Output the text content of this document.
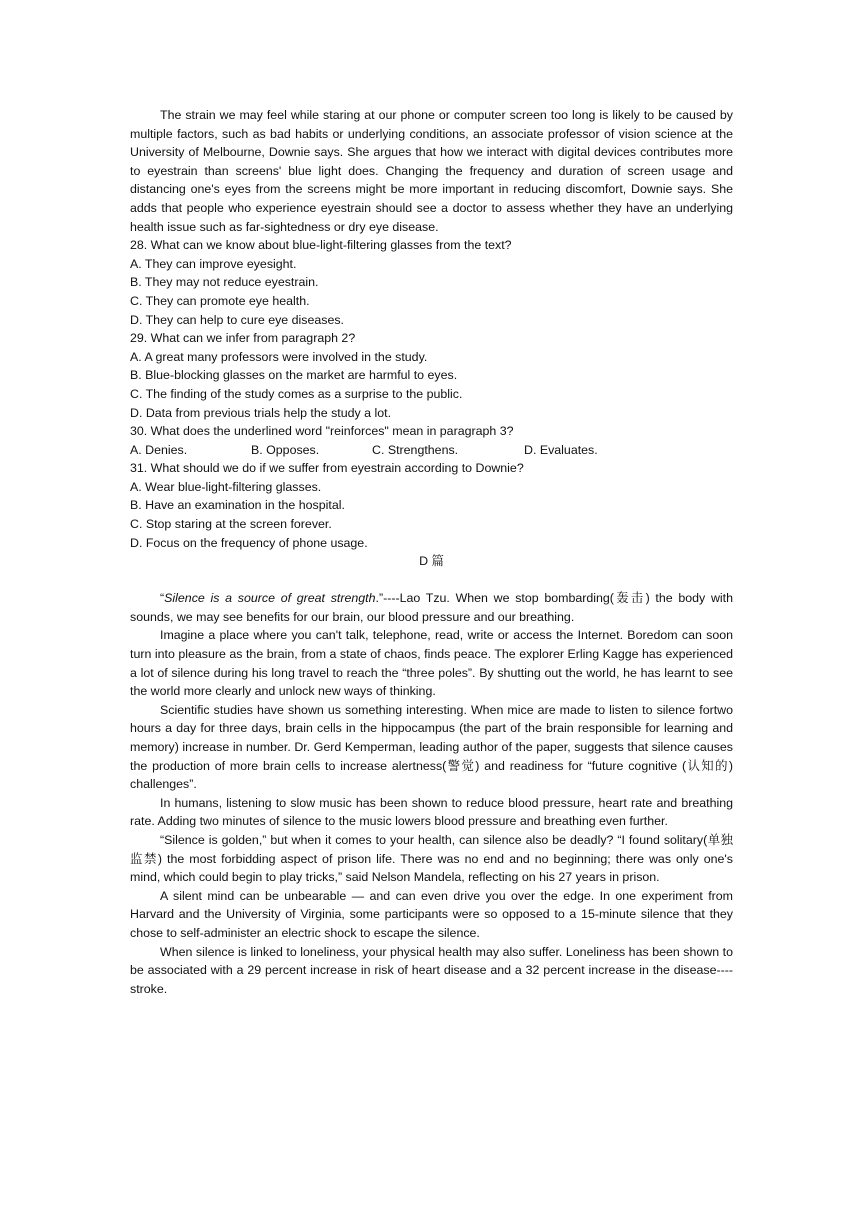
The strain we may feel while staring at our phone or computer screen too long is likely to be caused by multiple factors, such as bad habits or underlying conditions, an associate professor of vision science at the University of Melbourne, Downie says. She argues that how we interact with digital devices contributes more to eyestrain than screens' blue light does. Changing the frequency and duration of screen usage and distancing one's eyes from the screens might be more important in reducing discomfort, Downie says. She adds that people who experience eyestrain should see a doctor to assess whether they have an underlying health issue such as far-sightedness or dry eye disease.

28. What can we know about blue-light-filtering glasses from the text?

A. They can improve eyesight.

B. They may not reduce eyestrain.

C. They can promote eye health.

D. They can help to cure eye diseases.

29. What can we infer from paragraph 2?

A. A great many professors were involved in the study.

B. Blue-blocking glasses on the market are harmful to eyes.

C. The finding of the study comes as a surprise to the public.

D. Data from previous trials help the study a lot.

30. What does the underlined word "reinforces" mean in paragraph 3?

A. Denies.	B. Opposes.	C. Strengthens.	D. Evaluates.

31. What should we do if we suffer from eyestrain according to Downie?

A. Wear blue-light-filtering glasses.

B. Have an examination in the hospital.

C. Stop staring at the screen forever.

D. Focus on the frequency of phone usage.

D 篇

“Silence is a source of great strength.”----Lao Tzu. When we stop bombarding(轰击) the body with sounds, we may see benefits for our brain, our blood pressure and our breathing.

Imagine a place where you can't talk, telephone, read, write or access the Internet. Boredom can soon turn into pleasure as the brain, from a state of chaos, finds peace. The explorer Erling Kagge has experienced a lot of silence during his long travel to reach the “three poles”. By shutting out the world, he has learnt to see the world more clearly and unlock new ways of thinking.

Scientific studies have shown us something interesting. When mice are made to listen to silence fortwo hours a day for three days, brain cells in the hippocampus (the part of the brain responsible for learning and memory) increase in number. Dr. Gerd Kemperman, leading author of the paper, suggests that silence causes the production of more brain cells to increase alertness(警觉) and readiness for “future cognitive (认知的) challenges”.

In humans, listening to slow music has been shown to reduce blood pressure, heart rate and breathing rate. Adding two minutes of silence to the music lowers blood pressure and breathing even further.

“Silence is golden,” but when it comes to your health, can silence also be deadly? “I found solitary(单独监禁) the most forbidding aspect of prison life. There was no end and no beginning; there was only one's mind, which could begin to play tricks,” said Nelson Mandela, reflecting on his 27 years in prison.

A silent mind can be unbearable — and can even drive you over the edge. In one experiment from Harvard and the University of Virginia, some participants were so opposed to a 15-minute silence that they chose to self-administer an electric shock to escape the silence.

When silence is linked to loneliness, your physical health may also suffer. Loneliness has been shown to be associated with a 29 percent increase in risk of heart disease and a 32 percent increase in the disease---- stroke.
